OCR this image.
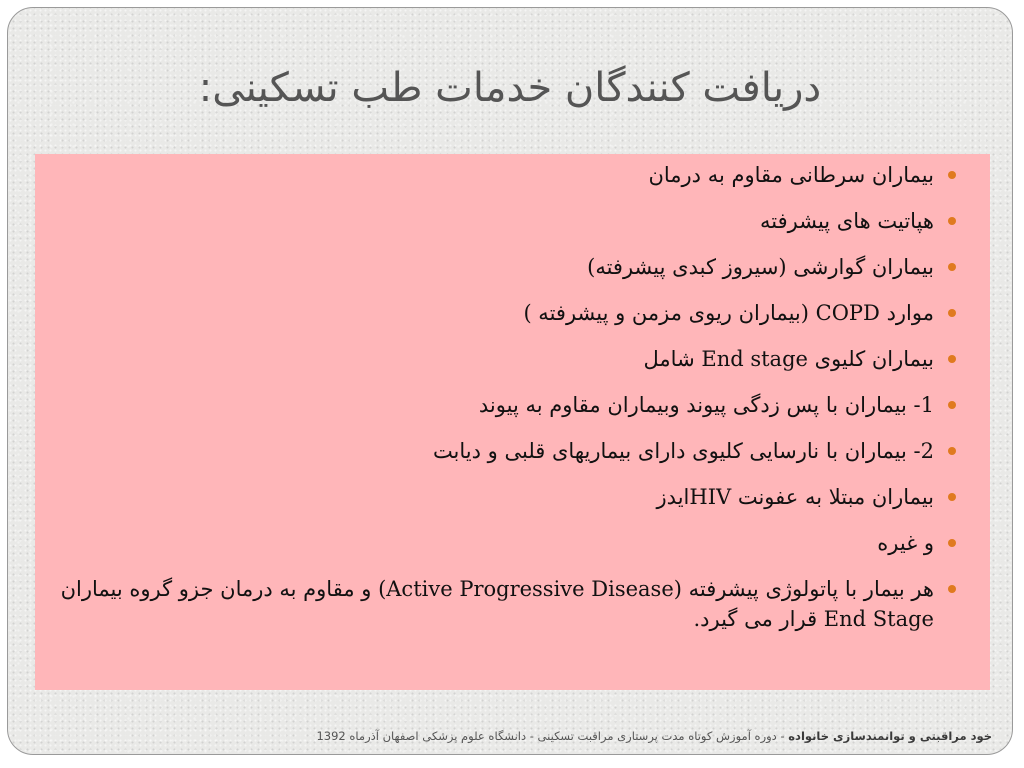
دریافت کنندگان خدمات طب تسکینی:
بیماران سرطانی مقاوم به درمان
هپاتیت های پیشرفته
بیماران گوارشی (سیروز کبدی پیشرفته)
موارد COPD (بیماران ریوی مزمن و پیشرفته )
بیماران کلیوی End stage شامل
1- بیماران با پس زدگی پیوند وبیماران مقاوم به پیوند
2- بیماران با نارسایی کلیوی دارای بیماریهای قلبی و دیابت
بیماران مبتلا به عفونت HIVایدز
و غیره
هر بیمار با پاتولوژی پیشرفته (Active Progressive Disease) و مقاوم به درمان جزو گروه بیماران End Stage قرار می گیرد.
خود مراقبتی و توانمندسازی خانواده - دوره آموزش کوتاه مدت پرستاری مراقبت تسکینی - دانشگاه علوم پزشکی اصفهان آذرماه 1392
